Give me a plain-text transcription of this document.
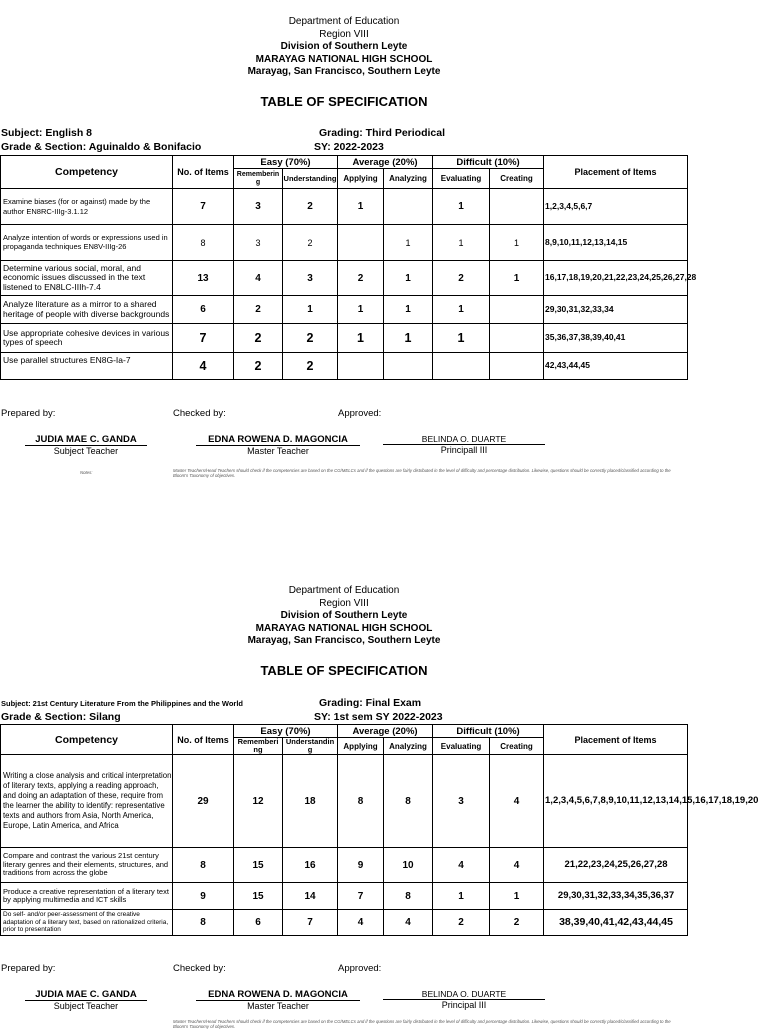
Department of Education
Region VIII
Division of Southern Leyte
MARAYAG NATIONAL HIGH SCHOOL
Marayag, San Francisco, Southern Leyte
TABLE OF SPECIFICATION
Subject: English 8
Grade & Section: Aguinaldo & Bonifacio
Grading: Third Periodical
SY: 2022-2023
Competency	No. of Items	Easy (70%)		Average (20%)		Difficult (10%)		Placement of Items
		Rememberin g	Understanding	Applying	Analyzing	Evaluating	Creating	
Examine biases (for or against) made by the author EN8RC-IIIg-3.1.12	7	3	2	1		1		1,2,3,4,5,6,7
Analyze intention of words or expressions used in propaganda techniques EN8V-IIIg-26	8	3	2		1	1	1	8,9,10,11,12,13,14,15
Determine various social, moral, and economic issues discussed in the text listened to EN8LC-IIIh-7.4	13	4	3	2	1	2	1	16,17,18,19,20,21,22,23,24,25,26,27,28
Analyze literature as a mirror to a shared heritage of people with diverse backgrounds	6	2	1	1	1	1		29,30,31,32,33,34
Use appropriate cohesive devices in various types of speech	7	2	2	1	1	1		35,36,37,38,39,40,41
Use parallel structures EN8G-Ia-7	4	2	2					42,43,44,45
Prepared by:	Checked by:	Approved:
JUDIA MAE C. GANDA
Subject Teacher
EDNA ROWENA D. MAGONCIA
Master Teacher
BELINDA O. DUARTE
Principall III
Notes:	Master Teachers/Head Teachers should check if the competencies are based on the CG/MELCs and if the questions are fairly distributed in the level of difficulty and percentage distribution. Likewise, questions should be correctly placed/classified according to the Bloom's Taxonomy of objectives.
Department of Education
Region VIII
Division of Southern Leyte
MARAYAG NATIONAL HIGH SCHOOL
Marayag, San Francisco, Southern Leyte
TABLE OF SPECIFICATION
Subject: 21st Century Literature From the Philippines and the World
Grade & Section: Silang
Grading: Final Exam
SY: 1st sem SY 2022-2023
Competency	No. of Items	Easy (70%)		Average (20%)		Difficult (10%)		Placement of Items
		Rememberi ng	Understandin g	Applying	Analyzing	Evaluating	Creating	
Writing a close analysis and critical interpretation of literary texts, applying a reading approach, and doing an adaptation of these, require from the learner the ability to identify: representative texts and authors from Asia, North America, Europe, Latin America, and Africa	29	12	18	8	8	3	4	1,2,3,4,5,6,7,8,9,10,11,12,13,14,15,16,17,18,19,20
Compare and contrast the various 21st century literary genres and their elements, structures, and traditions from across the globe	8	15	16	9	10	4	4	21,22,23,24,25,26,27,28
Produce a creative representation of a literary text by applying multimedia and ICT skills	9	15	14	7	8	1	1	29,30,31,32,33,34,35,36,37
Do self- and/or peer-assessment of the creative adaptation of a literary text, based on rationalized criteria, prior to presentation	8	6	7	4	4	2	2	38,39,40,41,42,43,44,45
Prepared by:	Checked by:	Approved:
JUDIA MAE C. GANDA
Subject Teacher
EDNA ROWENA D. MAGONCIA
Master Teacher
BELINDA O. DUARTE
Principal III
Master Teachers/Head Teachers should check if the competencies are based on the CG/MELCs and if the questions are fairly distributed in the level of difficulty and percentage distribution. Likewise, questions should be correctly placed/classified according to the Bloom's Taxonomy of objectives.
